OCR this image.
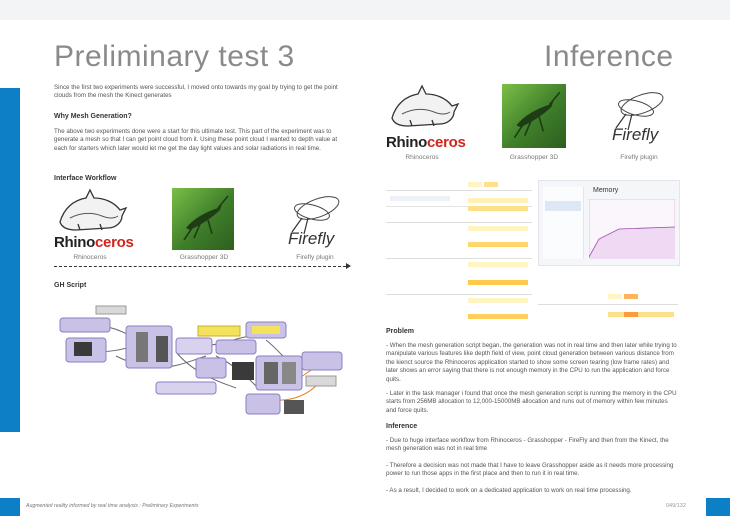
Preliminary test 3
Since the first two experiments were successful, I moved onto towards my goal by trying to get the point clouds from the mesh the Kinect generates
Why Mesh Generation?
The above two experiments done were a start for this ultimate test. This part of the experiment was to generate a mesh so that I can get point cloud from it. Using these point cloud I wanted to depth value at each for starters which later would let me get the day light values and solar radiations in real time.
Interface Workflow
Rhinoceros
Rhinoceros	Grasshopper 3D
Firefly
Firefly plugin
GH Script
Inference
Rhinoceros
Rhinoceros	Grasshopper 3D
Firefly
Firefly plugin
Memory
Problem
- When the mesh generation script began, the generation was not in real time and then later while trying to manipulate various features like depth field of view, point cloud generation between various distance from the kienct source the Rhinoceros application started to show some screen tearing (low frame rates) and later shows an error saying that there is not enough memory in the CPU to run the application and force quits.
- Later in the task manager i found that once the mesh generation script is running the memory in the CPU starts from 256MB allocation to 12,000-15000MB allocation and runs out of memory within few minutes and force quits.
Inference
- Due to huge interface workflow from Rhinoceros - Grasshopper - FireFly and then from the Kinect, the mesh generation was not in real time
- Therefore a decision was not made that I have to leave Grasshopper aside as it needs more processing power to run those apps in the first place and then to run it in real time.
- As a result, I decided to work on a dedicated application to work on real time processing.
Augmented reality informed by real time analysis : Preliminary Experiments	049/132
